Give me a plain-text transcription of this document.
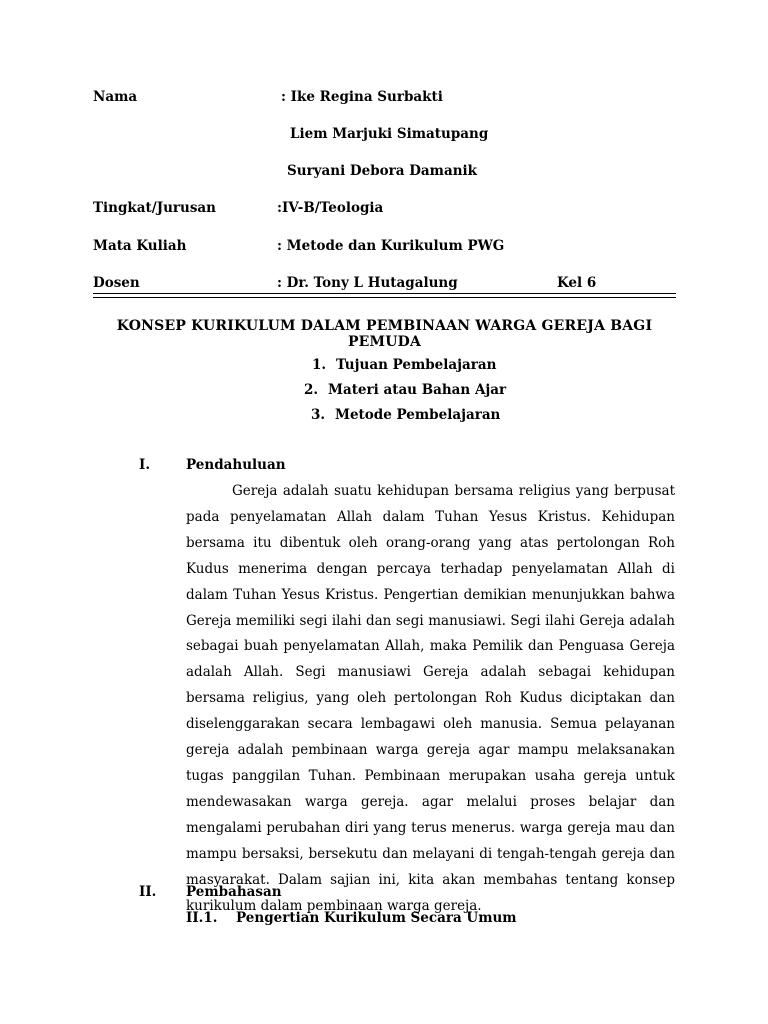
Nama	: Ike Regina Surbakti
Liem Marjuki Simatupang
Suryani Debora Damanik
Tingkat/Jurusan	:IV-B/Teologia
Mata Kuliah	: Metode dan Kurikulum PWG
Dosen	: Dr. Tony L Hutagalung	Kel 6
KONSEP KURIKULUM DALAM PEMBINAAN WARGA GEREJA BAGI PEMUDA
1. Tujuan Pembelajaran
2. Materi atau Bahan Ajar
3. Metode Pembelajaran
I.	Pendahuluan

Gereja adalah suatu kehidupan bersama religius yang berpusat pada penyelamatan Allah dalam Tuhan Yesus Kristus. Kehidupan bersama itu dibentuk oleh orang-orang yang atas pertolongan Roh Kudus menerima dengan percaya terhadap penyelamatan Allah di dalam Tuhan Yesus Kristus. Pengertian demikian menunjukkan bahwa Gereja memiliki segi ilahi dan segi manusiawi. Segi ilahi Gereja adalah sebagai buah penyelamatan Allah, maka Pemilik dan Penguasa Gereja adalah Allah. Segi manusiawi Gereja adalah sebagai kehidupan bersama religius, yang oleh pertolongan Roh Kudus diciptakan dan diselenggarakan secara lembagawi oleh manusia. Semua pelayanan gereja adalah pembinaan warga gereja agar mampu melaksanakan tugas panggilan Tuhan. Pembinaan merupakan usaha gereja untuk mendewasakan warga gereja. agar melalui proses belajar dan mengalami perubahan diri yang terus menerus. warga gereja mau dan mampu bersaksi, bersekutu dan melayani di tengah-tengah gereja dan masyarakat. Dalam sajian ini, kita akan membahas tentang konsep kurikulum dalam pembinaan warga gereja.

II. Pembahasan
II.1. Pengertian Kurikulum Secara Umum
